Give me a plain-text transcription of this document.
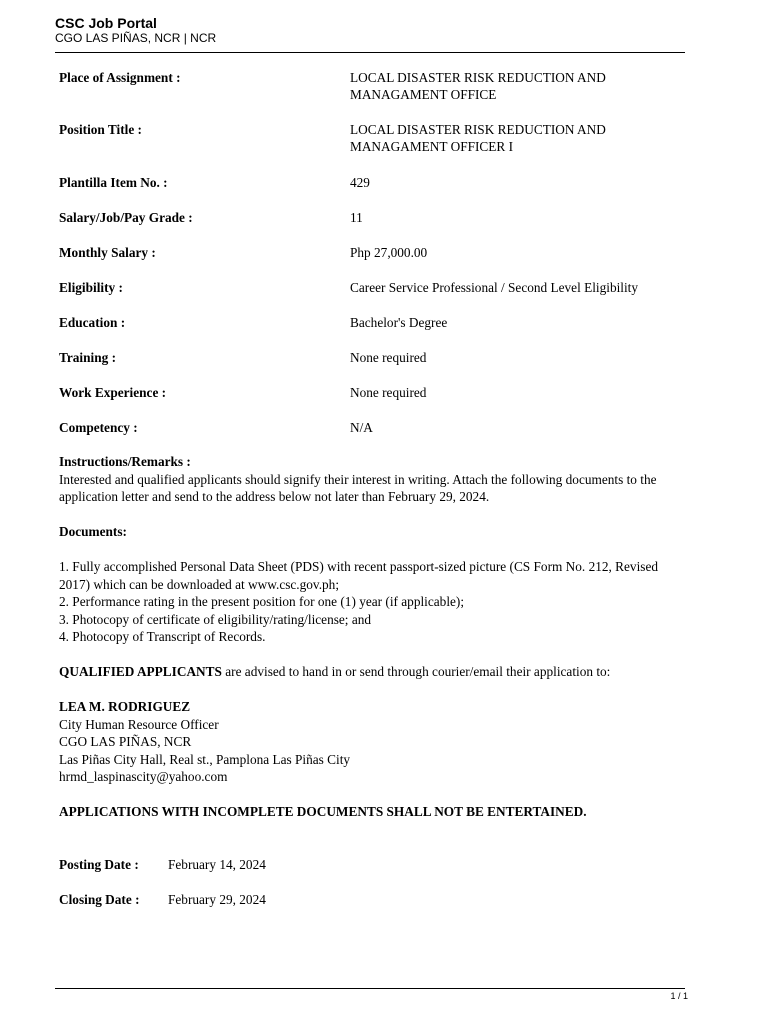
CSC Job Portal
CGO LAS PIÑAS, NCR | NCR
Place of Assignment :	LOCAL DISASTER RISK REDUCTION AND MANAGAMENT OFFICE
Position Title :	LOCAL DISASTER RISK REDUCTION AND MANAGAMENT OFFICER I
Plantilla Item No. :	429
Salary/Job/Pay Grade :	11
Monthly Salary :	Php 27,000.00
Eligibility :	Career Service Professional / Second Level Eligibility
Education :	Bachelor's Degree
Training :	None required
Work Experience :	None required
Competency :	N/A
Instructions/Remarks :
Interested and qualified applicants should signify their interest in writing. Attach the following documents to the application letter and send to the address below not later than February 29, 2024.
Documents:
1. Fully accomplished Personal Data Sheet (PDS) with recent passport-sized picture (CS Form No. 212, Revised 2017) which can be downloaded at www.csc.gov.ph;
2. Performance rating in the present position for one (1) year (if applicable);
3. Photocopy of certificate of eligibility/rating/license; and
4. Photocopy of Transcript of Records.
QUALIFIED APPLICANTS are advised to hand in or send through courier/email their application to:
LEA M. RODRIGUEZ
City Human Resource Officer
CGO LAS PIÑAS, NCR
Las Piñas City Hall, Real st., Pamplona Las Piñas City
hrmd_laspinascity@yahoo.com
APPLICATIONS WITH INCOMPLETE DOCUMENTS SHALL NOT BE ENTERTAINED.
Posting Date : February 14, 2024
Closing Date : February 29, 2024
1 / 1
